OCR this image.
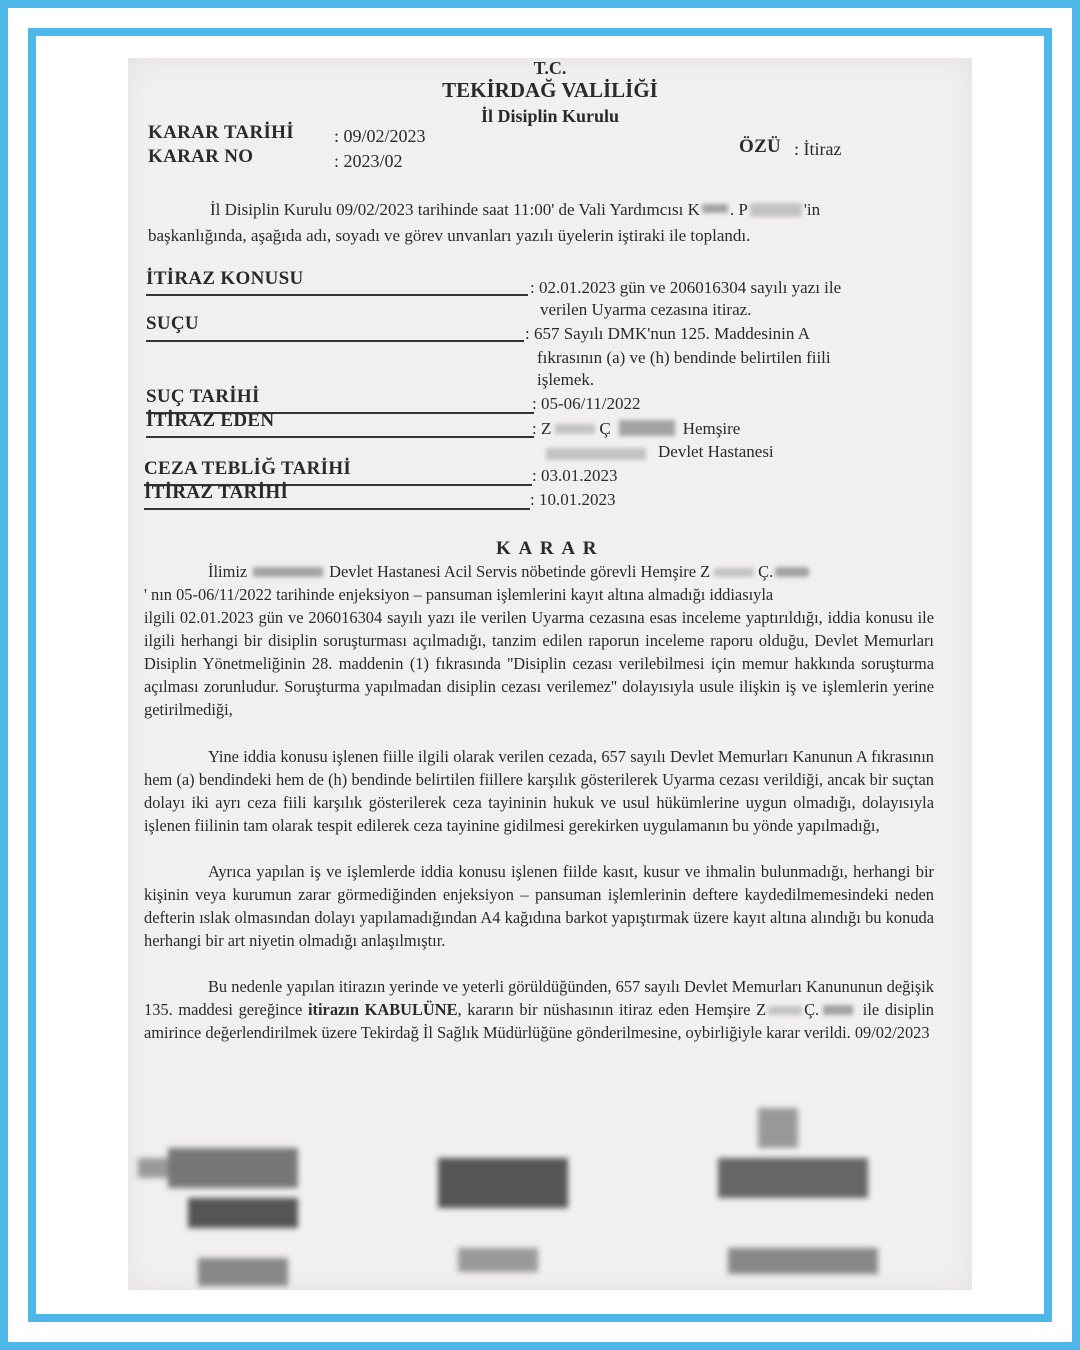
T.C.
TEKİRDAĞ VALİLİĞİ
İl Disiplin Kurulu
KARAR TARİHİ : 09/02/2023
KARAR NO	: 2023/02
ÖZÜ : İtiraz
İl Disiplin Kurulu 09/02/2023 tarihinde saat 11:00' de Vali Yardımcısı K . P	'in
başkanlığında, aşağıda adı, soyadı ve görev unvanları yazılı üyelerin iştiraki ile toplandı.
İTİRAZ KONUSU	: 02.01.2023 gün ve 206016304 sayılı yazı ile
verilen Uyarma cezasına itiraz.
SUÇU	: 657 Sayılı DMK'nun 125. Maddesinin A
fıkrasının (a) ve (h) bendinde belirtilen fiili
işlemek.
SUÇ TARİHİ	: 05-06/11/2022
İTİRAZ EDEN	: Z	Ç	Hemşire
Devlet Hastanesi
CEZA TEBLİĞ TARİHİ	: 03.01.2023
İTİRAZ TARİHİ	: 10.01.2023
K A R A R
İlimiz	Devlet Hastanesi Acil Servis nöbetinde görevli Hemşire Z	Ç.
' nın 05-06/11/2022 tarihinde enjeksiyon – pansuman işlemlerini kayıt altına almadığı iddiasıyla

ilgili 02.01.2023 gün ve 206016304 sayılı yazı ile verilen Uyarma cezasına esas inceleme yaptırıldığı, iddia konusu ile ilgili herhangi bir disiplin soruşturması açılmadığı, tanzim edilen raporun inceleme raporu olduğu, Devlet Memurları Disiplin Yönetmeliğinin 28. maddenin (1) fıkrasında ''Disiplin cezası verilebilmesi için memur hakkında soruşturma açılması zorunludur. Soruşturma yapılmadan disiplin cezası verilemez'' dolayısıyla usule ilişkin iş ve işlemlerin yerine getirilmediği,

Yine iddia konusu işlenen fiille ilgili olarak verilen cezada, 657 sayılı Devlet Memurları Kanunun A fıkrasının hem (a) bendindeki hem de (h) bendinde belirtilen fiillere karşılık gösterilerek Uyarma cezası verildiği, ancak bir suçtan dolayı iki ayrı ceza fiili karşılık gösterilerek ceza tayininin hukuk ve usul hükümlerine uygun olmadığı, dolayısıyla işlenen fiilinin tam olarak tespit edilerek ceza tayinine gidilmesi gerekirken uygulamanın bu yönde yapılmadığı,

Ayrıca yapılan iş ve işlemlerde iddia konusu işlenen fiilde kasıt, kusur ve ihmalin bulunmadığı, herhangi bir kişinin veya kurumun zarar görmediğinden enjeksiyon – pansuman işlemlerinin deftere kaydedilmemesindeki neden defterin ıslak olmasından dolayı yapılamadığından A4 kağıdına barkot yapıştırmak üzere kayıt altına alındığı bu konuda herhangi bir art niyetin olmadığı anlaşılmıştır.

Bu nedenle yapılan itirazın yerinde ve yeterli görüldüğünden, 657 sayılı Devlet Memurları Kanununun değişik 135. maddesi gereğince itirazın KABULÜNE, kararın bir nüshasının itiraz eden Hemşire Z Ç. ile disiplin amirince değerlendirilmek üzere Tekirdağ İl Sağlık Müdürlüğüne gönderilmesine, oybirliğiyle karar verildi. 09/02/2023
